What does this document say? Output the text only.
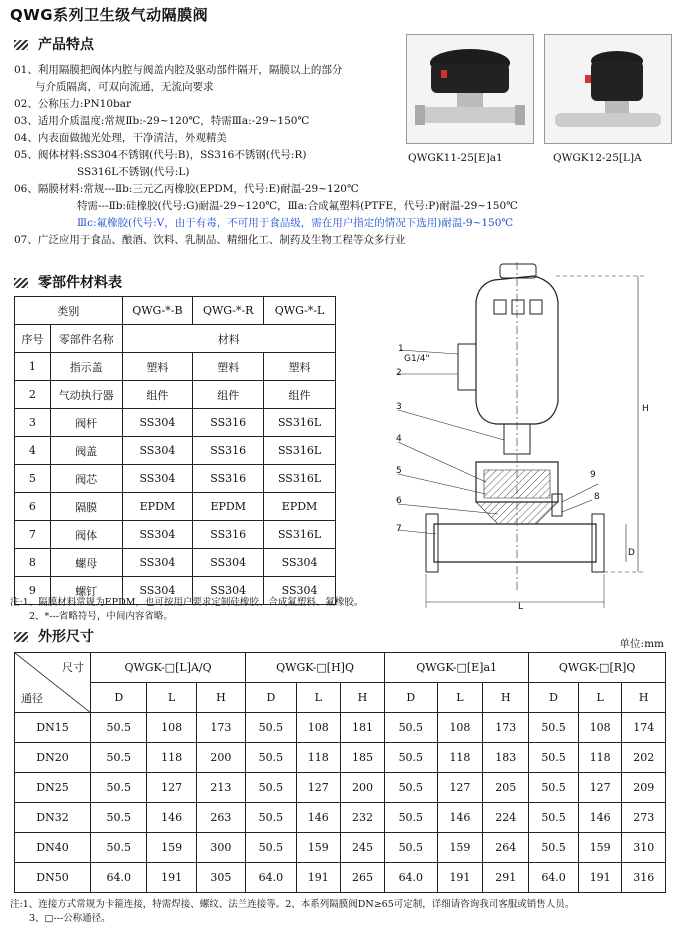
QWG系列卫生级气动隔膜阀
产品特点
01、利用隔膜把阀体内腔与阀盖内腔及驱动部件隔开，隔膜以上的部分
　　与介质隔离，可双向流通，无流向要求
02、公称压力:PN10bar
03、适用介质温度:常规Ⅱb:-29~120℃，特需Ⅲa:-29~150℃
04、内表面做抛光处理，干净清洁，外观精美
05、阀体材料:SS304不锈钢(代号:B)，SS316不锈钢(代号:R)
　　　　　　SS316L不锈钢(代号:L)
06、隔膜材料:常规---Ⅱb:三元乙丙橡胶(EPDM，代号:E)耐温-29~120℃
　　　　　　特需---Ⅱb:硅橡胶(代号:G)耐温-29~120℃，Ⅲa:合成氟塑料(PTFE，代号:P)耐温-29~150℃
　　　　　　Ⅲc:氟橡胶(代号:V，由于有毒，不可用于食品级，需在用户指定的情况下选用)耐温-9~150℃
07、广泛应用于食品、酿酒、饮料、乳制品、精细化工、制药及生物工程等众多行业
QWGK11-25[E]a1	QWGK12-25[L]A
零部件材料表
类别		QWG-*-B	QWG-*-R	QWG-*-L
序号	零部件名称	材料		
1	指示盖	塑料	塑料	塑料
2	气动执行器	组件	组件	组件
3	阀杆	SS304	SS316	SS316L
4	阀盖	SS304	SS316	SS316L
5	阀芯	SS304	SS316	SS316L
6	隔膜	EPDM	EPDM	EPDM
7	阀体	SS304	SS316	SS316L
8	螺母	SS304	SS304	SS304
9	螺钉	SS304	SS304	SS304
注:1、隔膜材料常规为EPDM，也可按用户要求定制硅橡胶、合成氟塑料、氟橡胶。
　　2、*---省略符号，中间内容省略。
1
G1/4"
2
3
4
5
6
7
8
9
H
D
L
外形尺寸	单位:mm
尺寸
通径	QWGK-□[L]A/Q			QWGK-□[H]Q			QWGK-□[E]a1			QWGK-□[R]Q		
	D	L	H	D	L	H	D	L	H	D	L	H
DN15	50.5	108	173	50.5	108	181	50.5	108	173	50.5	108	174
DN20	50.5	118	200	50.5	118	185	50.5	118	183	50.5	118	202
DN25	50.5	127	213	50.5	127	200	50.5	127	205	50.5	127	209
DN32	50.5	146	263	50.5	146	232	50.5	146	224	50.5	146	273
DN40	50.5	159	300	50.5	159	245	50.5	159	264	50.5	159	310
DN50	64.0	191	305	64.0	191	265	64.0	191	291	64.0	191	316
注:1、连接方式常规为卡箍连接，特需焊接、螺纹、法兰连接等。2、本系列隔膜阀DN≥65可定制，详细请咨询我司客服或销售人员。
　　3、□---公称通径。
